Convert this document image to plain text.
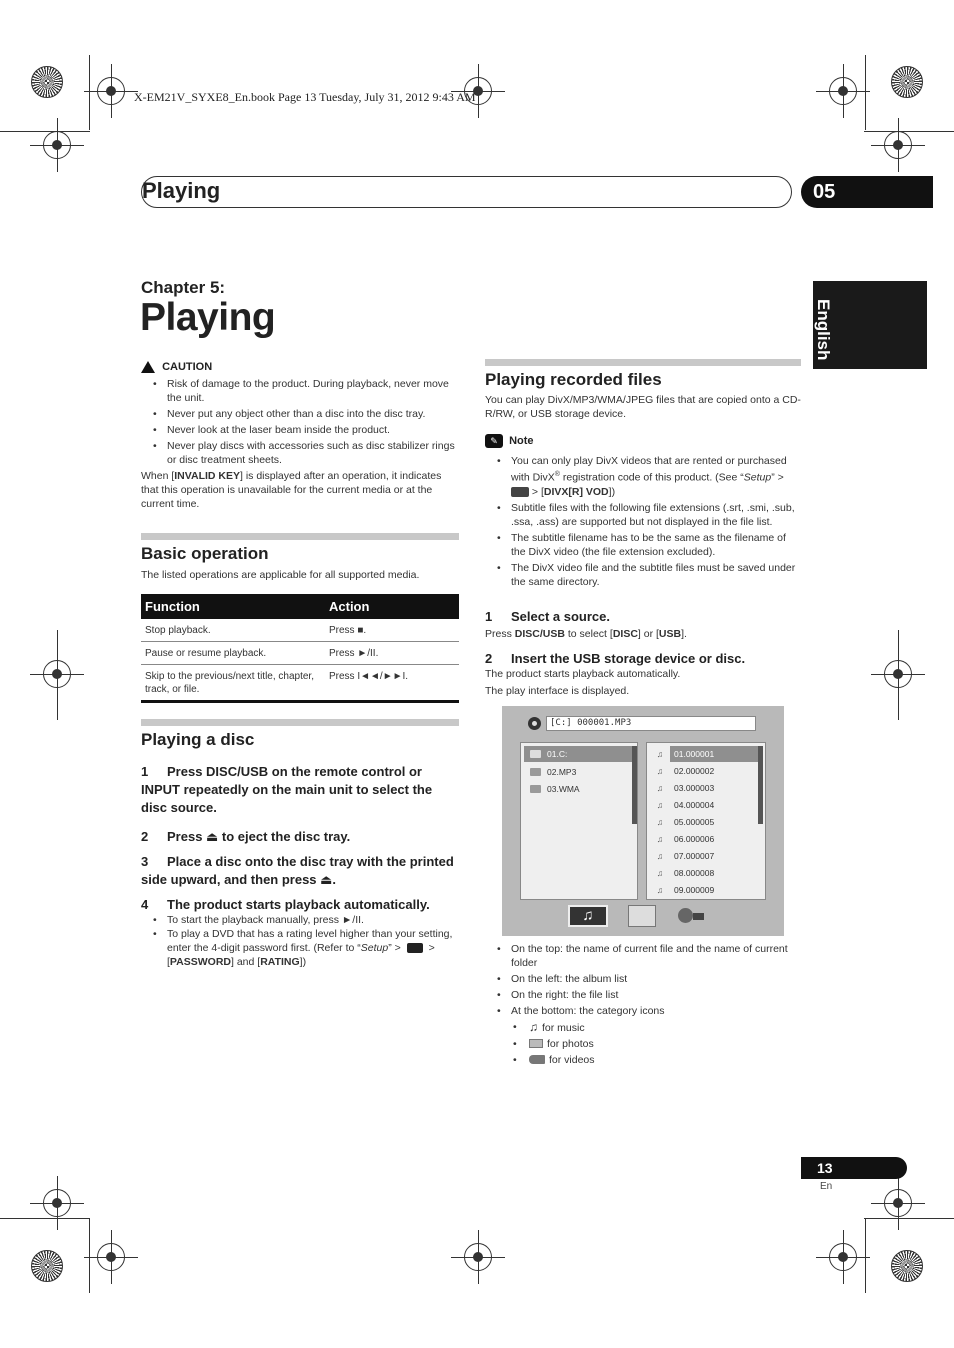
X-EM21V_SYXE8_En.book Page 13 Tuesday, July 31, 2012 9:43 AM
Playing	05
English
Chapter 5:
Playing
CAUTION
• Risk of damage to the product. During playback, never move the unit.
• Never put any object other than a disc into the disc tray.
• Never look at the laser beam inside the product.
• Never play discs with accessories such as disc stabilizer rings or disc treatment sheets.
When [INVALID KEY] is displayed after an operation, it indicates that this operation is unavailable for the current media or at the current time.
Basic operation
The listed operations are applicable for all supported media.
Function	Action
Stop playback.	Press ■.
Pause or resume playback.	Press ►/II.
Skip to the previous/next title, chapter, track, or file.	Press I◄◄/►►I.
Playing a disc
1 Press DISC/USB on the remote control or INPUT repeatedly on the main unit to select the disc source.
2 Press ⏏ to eject the disc tray.
3 Place a disc onto the disc tray with the printed side upward, and then press ⏏.
4 The product starts playback automatically.
• To start the playback manually, press ►/II.
• To play a DVD that has a rating level higher than your setting, enter the 4-digit password first. (Refer to “Setup” >  > [PASSWORD] and [RATING])
Playing recorded files
You can play DivX/MP3/WMA/JPEG files that are copied onto a CD-R/RW, or USB storage device.
✎ Note
• You can only play DivX videos that are rented or purchased with DivX® registration code of this product. (See “Setup” >  > [DIVX[R] VOD])
• Subtitle files with the following file extensions (.srt, .smi, .sub, .ssa, .ass) are supported but not displayed in the file list.
• The subtitle filename has to be the same as the filename of the DivX video (the file extension excluded).
• The DivX video file and the subtitle files must be saved under the same directory.
1 Select a source.
Press DISC/USB to select [DISC] or [USB].
2 Insert the USB storage device or disc.
The product starts playback automatically.
The play interface is displayed.
[C:] 000001.MP3
01.C:
02.MP3
03.WMA
♫ 01.000001
♫ 02.000002
♫ 03.000003
♫ 04.000004
♫ 05.000005
♫ 06.000006
♫ 07.000007
♫ 08.000008
♫ 09.000009
♫
• On the top: the name of current file and the name of current folder
• On the left: the album list
• On the right: the file list
• At the bottom: the category icons
• ♫ for music
• for photos
• for videos
13
En
